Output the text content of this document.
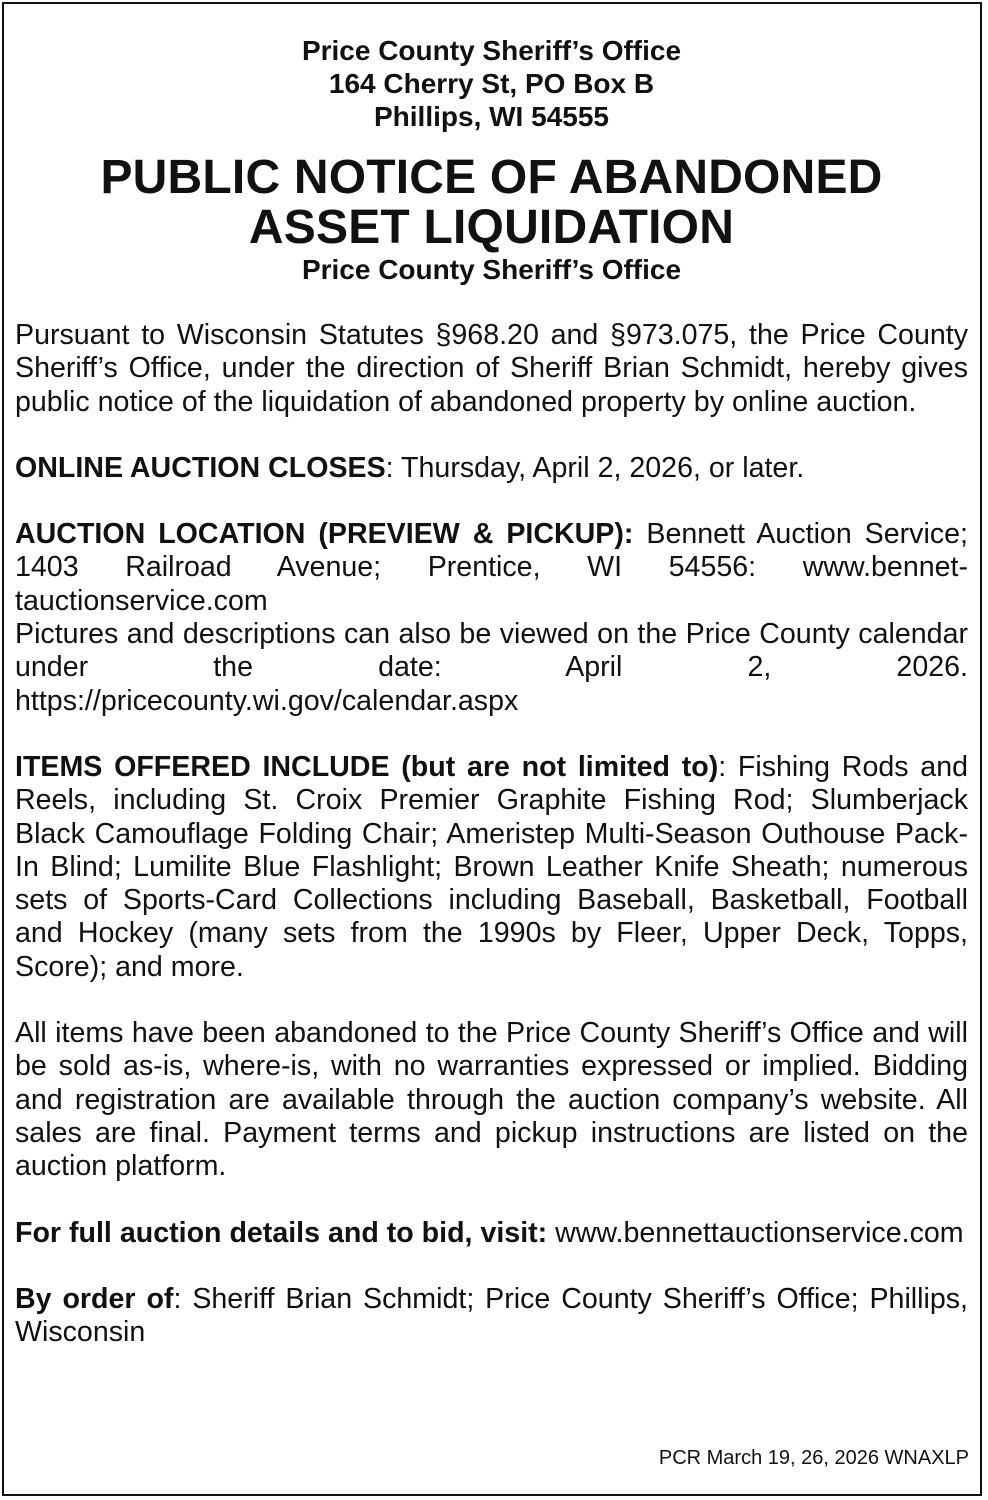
Price County Sheriff’s Office
164 Cherry St, PO Box B
Phillips, WI 54555
PUBLIC NOTICE OF ABANDONED
ASSET LIQUIDATION
Price County Sheriff’s Office
Pursuant to Wisconsin Statutes §968.20 and §973.075, the Price County Sheriff’s Office, under the direction of Sheriff Brian Schmidt, hereby gives public notice of the liquidation of abandoned property by online auction.
ONLINE AUCTION CLOSES: Thursday, April 2, 2026, or later.
AUCTION LOCATION (PREVIEW & PICKUP): Bennett Auction Service; 1403 Railroad Avenue; Prentice, WI 54556: www.bennettauctionservice.com
Pictures and descriptions can also be viewed on the Price County calendar under the date: April 2, 2026.
https://pricecounty.wi.gov/calendar.aspx
ITEMS OFFERED INCLUDE (but are not limited to): Fishing Rods and Reels, including St. Croix Premier Graphite Fishing Rod; Slumberjack Black Camouflage Folding Chair; Ameristep Multi-Season Outhouse Pack-In Blind; Lumilite Blue Flashlight; Brown Leather Knife Sheath; numerous sets of Sports-Card Collections including Baseball, Basketball, Football and Hockey (many sets from the 1990s by Fleer, Upper Deck, Topps, Score); and more.
All items have been abandoned to the Price County Sheriff’s Office and will be sold as-is, where-is, with no warranties expressed or implied. Bidding and registration are available through the auction company’s website. All sales are final. Payment terms and pickup instructions are listed on the auction platform.
For full auction details and to bid, visit: www.bennettauctionservice.com
By order of: Sheriff Brian Schmidt; Price County Sheriff’s Office; Phillips, Wisconsin
PCR March 19, 26, 2026 WNAXLP
